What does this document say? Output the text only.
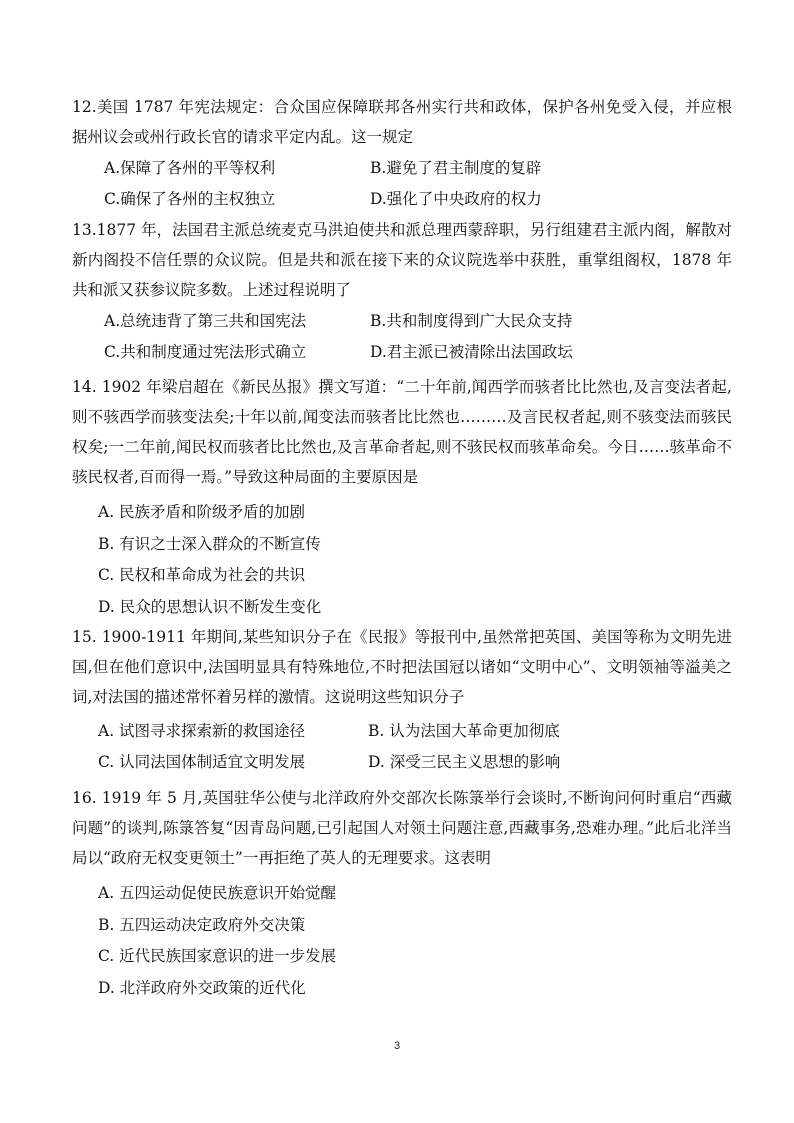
12.美国 1787 年宪法规定：合众国应保障联邦各州实行共和政体，保护各州免受入侵，并应根据州议会或州行政长官的请求平定内乱。这一规定

A.保障了各州的平等权利	B.避免了君主制度的复辟
C.确保了各州的主权独立	D.强化了中央政府的权力

13.1877 年，法国君主派总统麦克马洪迫使共和派总理西蒙辞职，另行组建君主派内阁，解散对新内阁投不信任票的众议院。但是共和派在接下来的众议院选举中获胜，重掌组阁权，1878 年共和派又获参议院多数。上述过程说明了

A.总统违背了第三共和国宪法	B.共和制度得到广大民众支持
C.共和制度通过宪法形式确立	D.君主派已被清除出法国政坛

14. 1902 年梁启超在《新民丛报》撰文写道：“二十年前,闻西学而骇者比比然也,及言变法者起,则不骇西学而骇变法矣;十年以前,闻变法而骇者比比然也………及言民权者起,则不骇变法而骇民权矣;一二年前,闻民权而骇者比比然也,及言革命者起,则不骇民权而骇革命矣。今日……骇革命不骇民权者,百而得一焉。”导致这种局面的主要原因是

A. 民族矛盾和阶级矛盾的加剧
B. 有识之士深入群众的不断宣传
C. 民权和革命成为社会的共识
D. 民众的思想认识不断发生变化

15. 1900-1911 年期间,某些知识分子在《民报》等报刊中,虽然常把英国、美国等称为文明先进国,但在他们意识中,法国明显具有特殊地位,不时把法国冠以诸如“文明中心”、文明领袖等溢美之词,对法国的描述常怀着另样的激情。这说明这些知识分子

A. 试图寻求探索新的救国途径	B. 认为法国大革命更加彻底
C. 认同法国体制适宜文明发展	D. 深受三民主义思想的影响

16. 1919 年 5 月,英国驻华公使与北洋政府外交部次长陈箓举行会谈时,不断询问何时重启“西藏问题”的谈判,陈箓答复“因青岛问题,已引起国人对领土问题注意,西藏事务,恐难办理。”此后北洋当局以“政府无权变更领土”一再拒绝了英人的无理要求。这表明

A. 五四运动促使民族意识开始觉醒
B. 五四运动决定政府外交决策
C. 近代民族国家意识的进一步发展
D. 北洋政府外交政策的近代化
3
